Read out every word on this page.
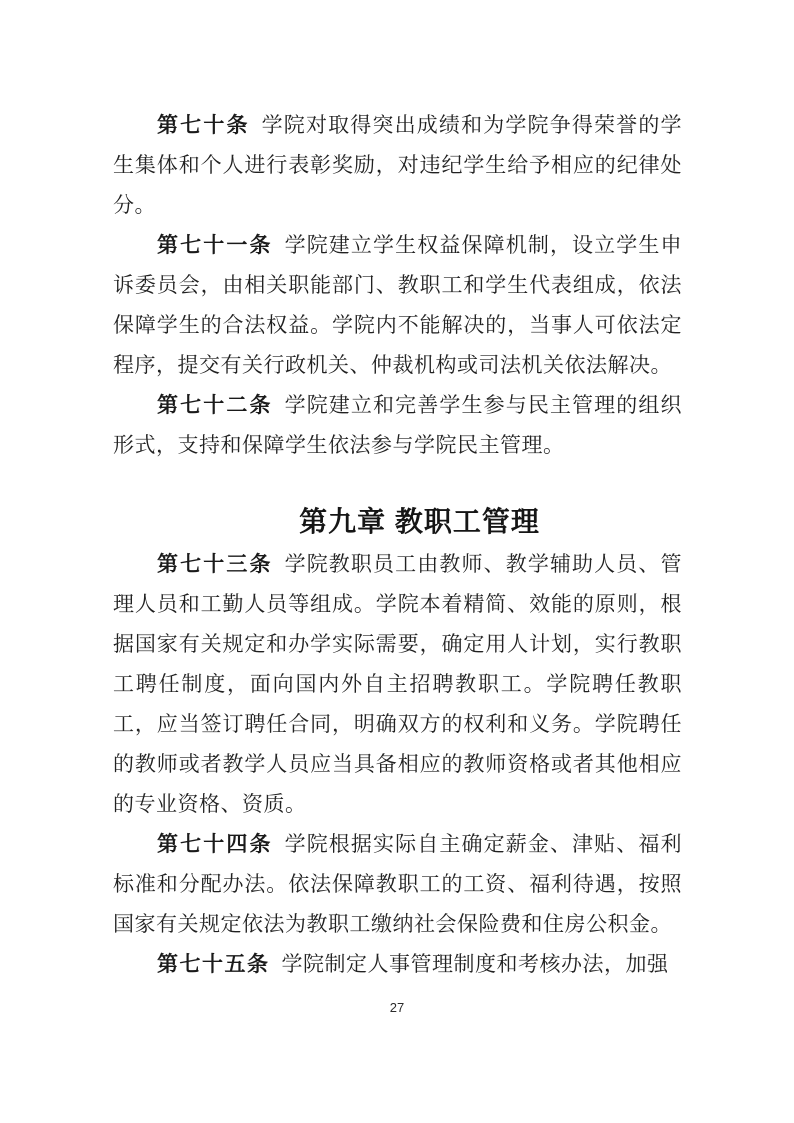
第七十条 学院对取得突出成绩和为学院争得荣誉的学生集体和个人进行表彰奖励，对违纪学生给予相应的纪律处分。

第七十一条 学院建立学生权益保障机制，设立学生申诉委员会，由相关职能部门、教职工和学生代表组成，依法保障学生的合法权益。学院内不能解决的，当事人可依法定程序，提交有关行政机关、仲裁机构或司法机关依法解决。

第七十二条 学院建立和完善学生参与民主管理的组织形式，支持和保障学生依法参与学院民主管理。

第九章 教职工管理

第七十三条 学院教职员工由教师、教学辅助人员、管理人员和工勤人员等组成。学院本着精简、效能的原则，根据国家有关规定和办学实际需要，确定用人计划，实行教职工聘任制度，面向国内外自主招聘教职工。学院聘任教职工，应当签订聘任合同，明确双方的权利和义务。学院聘任的教师或者教学人员应当具备相应的教师资格或者其他相应的专业资格、资质。

第七十四条 学院根据实际自主确定薪金、津贴、福利标准和分配办法。依法保障教职工的工资、福利待遇，按照国家有关规定依法为教职工缴纳社会保险费和住房公积金。

第七十五条 学院制定人事管理制度和考核办法，加强

27
